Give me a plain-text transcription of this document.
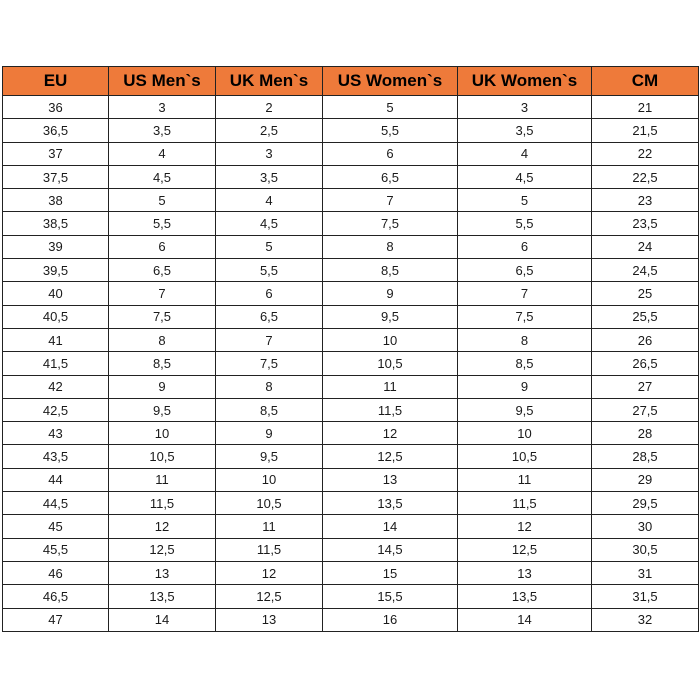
EU	US Men`s	UK Men`s	US Women`s	UK Women`s	CM
36	3	2	5	3	21
36,5	3,5	2,5	5,5	3,5	21,5
37	4	3	6	4	22
37,5	4,5	3,5	6,5	4,5	22,5
38	5	4	7	5	23
38,5	5,5	4,5	7,5	5,5	23,5
39	6	5	8	6	24
39,5	6,5	5,5	8,5	6,5	24,5
40	7	6	9	7	25
40,5	7,5	6,5	9,5	7,5	25,5
41	8	7	10	8	26
41,5	8,5	7,5	10,5	8,5	26,5
42	9	8	11	9	27
42,5	9,5	8,5	11,5	9,5	27,5
43	10	9	12	10	28
43,5	10,5	9,5	12,5	10,5	28,5
44	11	10	13	11	29
44,5	11,5	10,5	13,5	11,5	29,5
45	12	11	14	12	30
45,5	12,5	11,5	14,5	12,5	30,5
46	13	12	15	13	31
46,5	13,5	12,5	15,5	13,5	31,5
47	14	13	16	14	32
